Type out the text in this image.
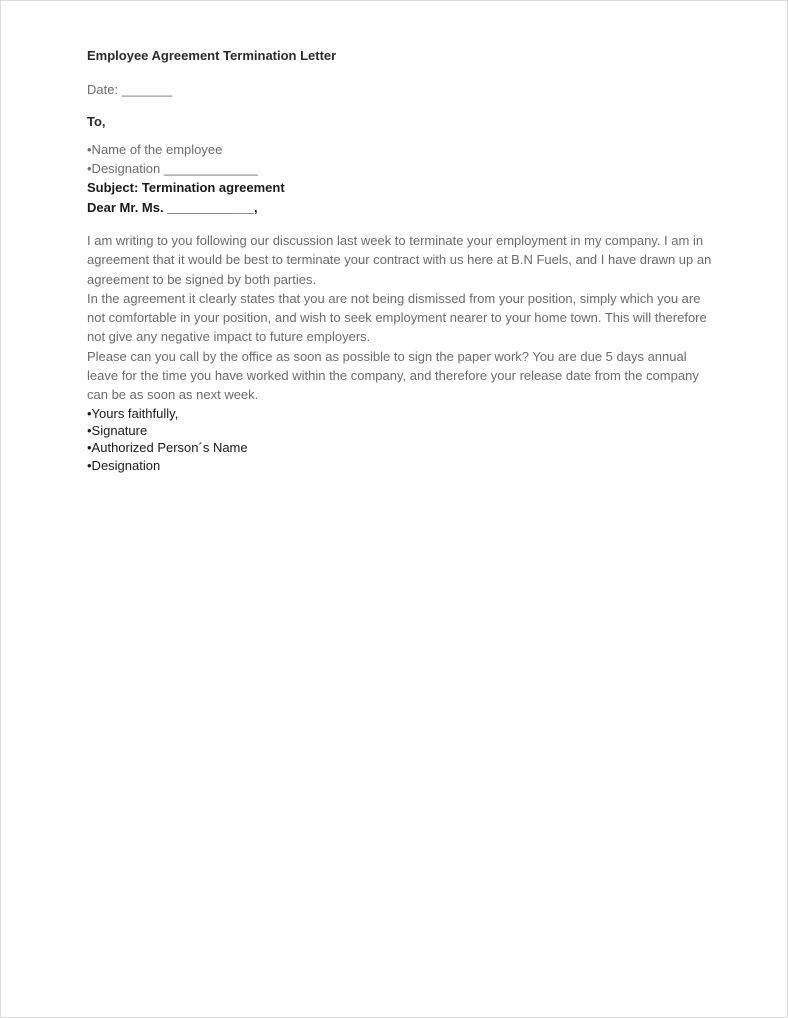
Employee Agreement Termination Letter
Date: _______
To,
•Name of the employee
•Designation _____________
Subject: Termination agreement
Dear Mr. Ms. ____________,

I am writing to you following our discussion last week to terminate your employment in my company. I am in agreement that it would be best to terminate your contract with us here at B.N Fuels, and I have drawn up an agreement to be signed by both parties.

In the agreement it clearly states that you are not being dismissed from your position, simply which you are not comfortable in your position, and wish to seek employment nearer to your home town. This will therefore not give any negative impact to future employers.

Please can you call by the office as soon as possible to sign the paper work? You are due 5 days annual leave for the time you have worked within the company, and therefore your release date from the company can be as soon as next week.

•Yours faithfully,
•Signature
•Authorized Person´s Name
•Designation
